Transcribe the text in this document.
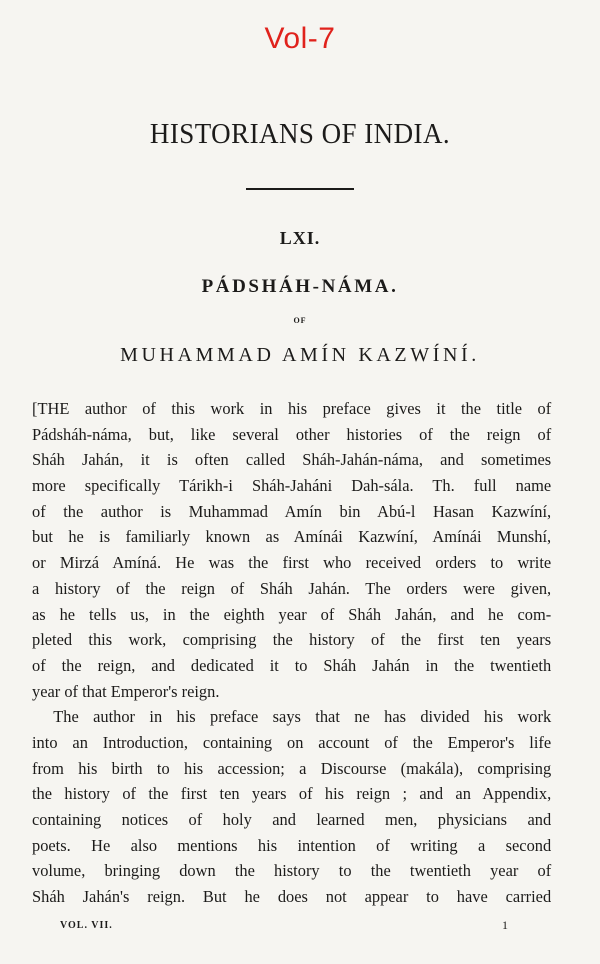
Vol-7
HISTORIANS OF INDIA.
LXI.
PÁDSHÁH-NÁMA.
OF
MUHAMMAD AMÍN KAZWÍNÍ.
[THE author of this work in his preface gives it the title of
Pádsháh-náma, but, like several other histories of the reign of
Sháh Jahán, it is often called Sháh-Jahán-náma, and sometimes
more specifically Tárikh-i Sháh-Jaháni Dah-sála. Th. full name
of the author is Muhammad Amín bin Abú-l Hasan Kazwíní,
but he is familiarly known as Amínái Kazwíní, Amínái Munshí,
or Mirzá Amíná. He was the first who received orders to write
a history of the reign of Sháh Jahán. The orders were given,
as he tells us, in the eighth year of Sháh Jahán, and he com-
pleted this work, comprising the history of the first ten years
of the reign, and dedicated it to Sháh Jahán in the twentieth
year of that Emperor's reign.
The author in his preface says that ne has divided his work
into an Introduction, containing on account of the Emperor's life
from his birth to his accession; a Discourse (makála), comprising
the history of the first ten years of his reign ; and an Appendix,
containing notices of holy and learned men, physicians and
poets. He also mentions his intention of writing a second
volume, bringing down the history to the twentieth year of
Sháh Jahán's reign. But he does not appear to have carried
VOL. VII.	1
